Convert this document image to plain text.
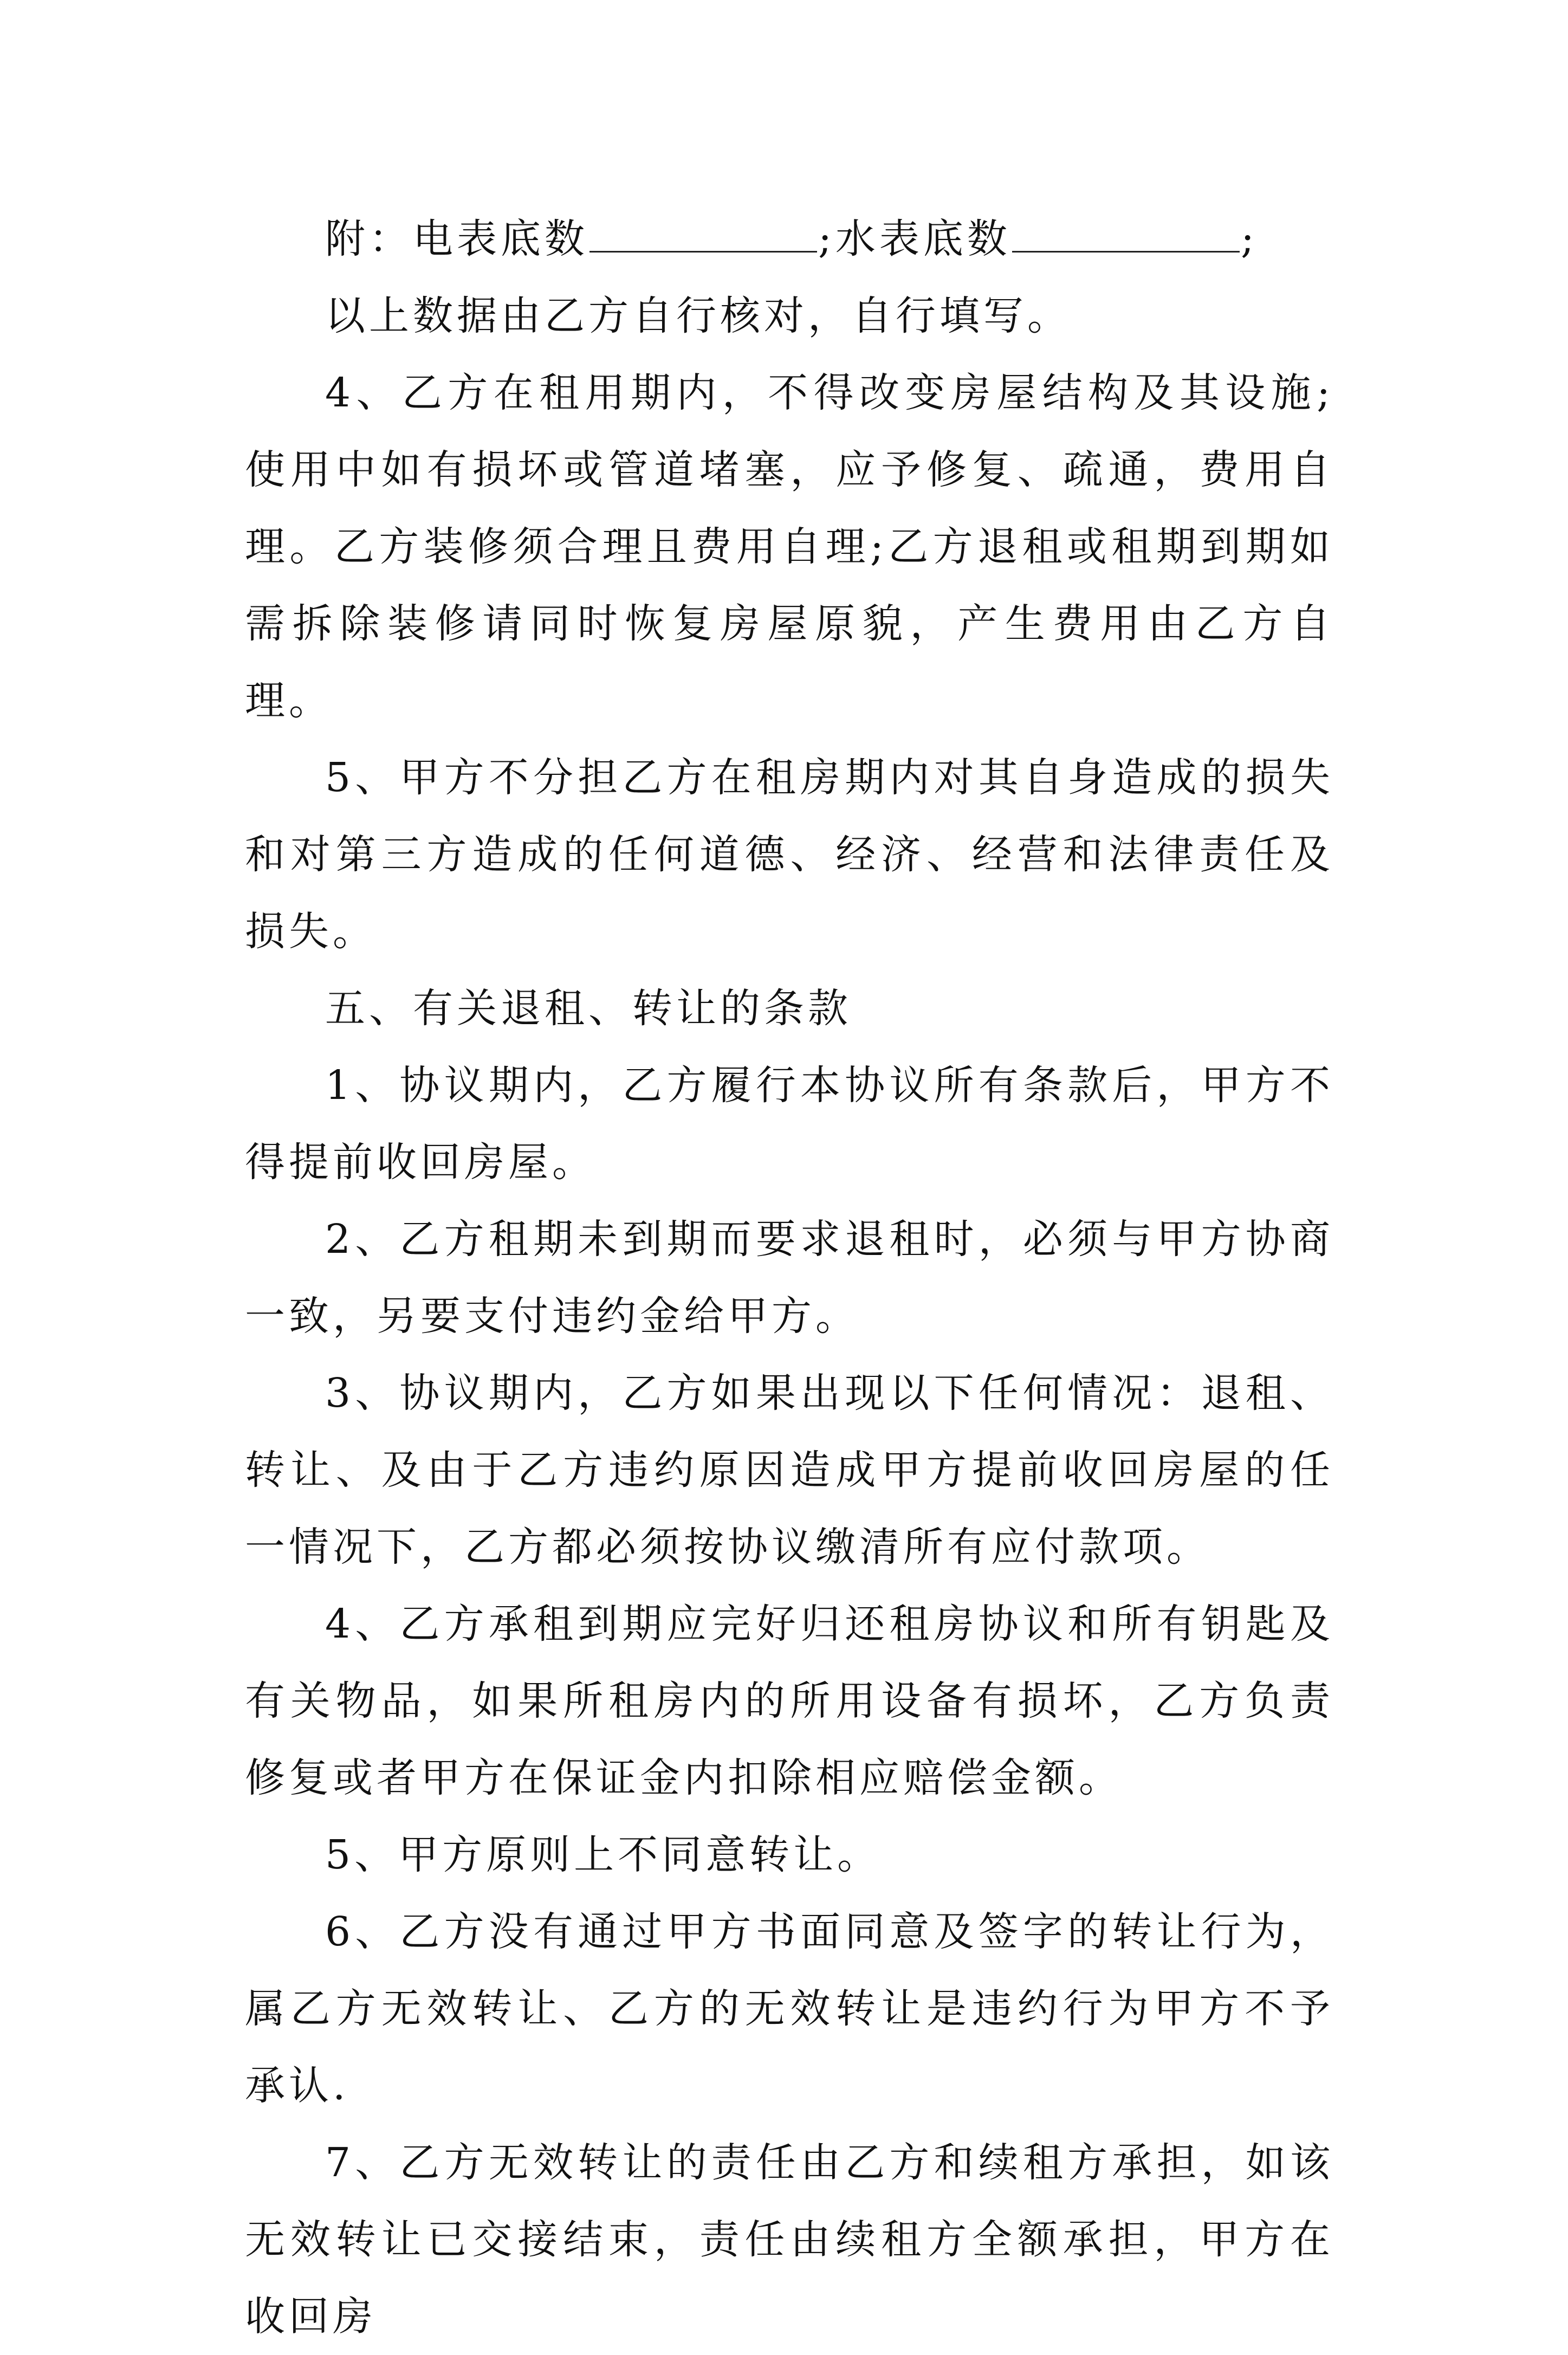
附：电表底数	;水表底数	;

以上数据由乙方自行核对，自行填写。

4、乙方在租用期内，不得改变房屋结构及其设施;使用中如有损坏或管道堵塞，应予修复、疏通，费用自理。乙方装修须合理且费用自理;乙方退租或租期到期如需拆除装修请同时恢复房屋原貌，产生费用由乙方自理。

5、甲方不分担乙方在租房期内对其自身造成的损失和对第三方造成的任何道德、经济、经营和法律责任及损失。

五、有关退租、转让的条款

1、协议期内，乙方履行本协议所有条款后，甲方不得提前收回房屋。

2、乙方租期未到期而要求退租时，必须与甲方协商一致，另要支付违约金给甲方。

3、协议期内，乙方如果出现以下任何情况：退租、转让、及由于乙方违约原因造成甲方提前收回房屋的任一情况下，乙方都必须按协议缴清所有应付款项。

4、乙方承租到期应完好归还租房协议和所有钥匙及有关物品，如果所租房内的所用设备有损坏，乙方负责修复或者甲方在保证金内扣除相应赔偿金额。

5、甲方原则上不同意转让。

6、乙方没有通过甲方书面同意及签字的转让行为，属乙方无效转让、乙方的无效转让是违约行为甲方不予承认.

7、乙方无效转让的责任由乙方和续租方承担，如该无效转让已交接结束，责任由续租方全额承担，甲方在收回房
